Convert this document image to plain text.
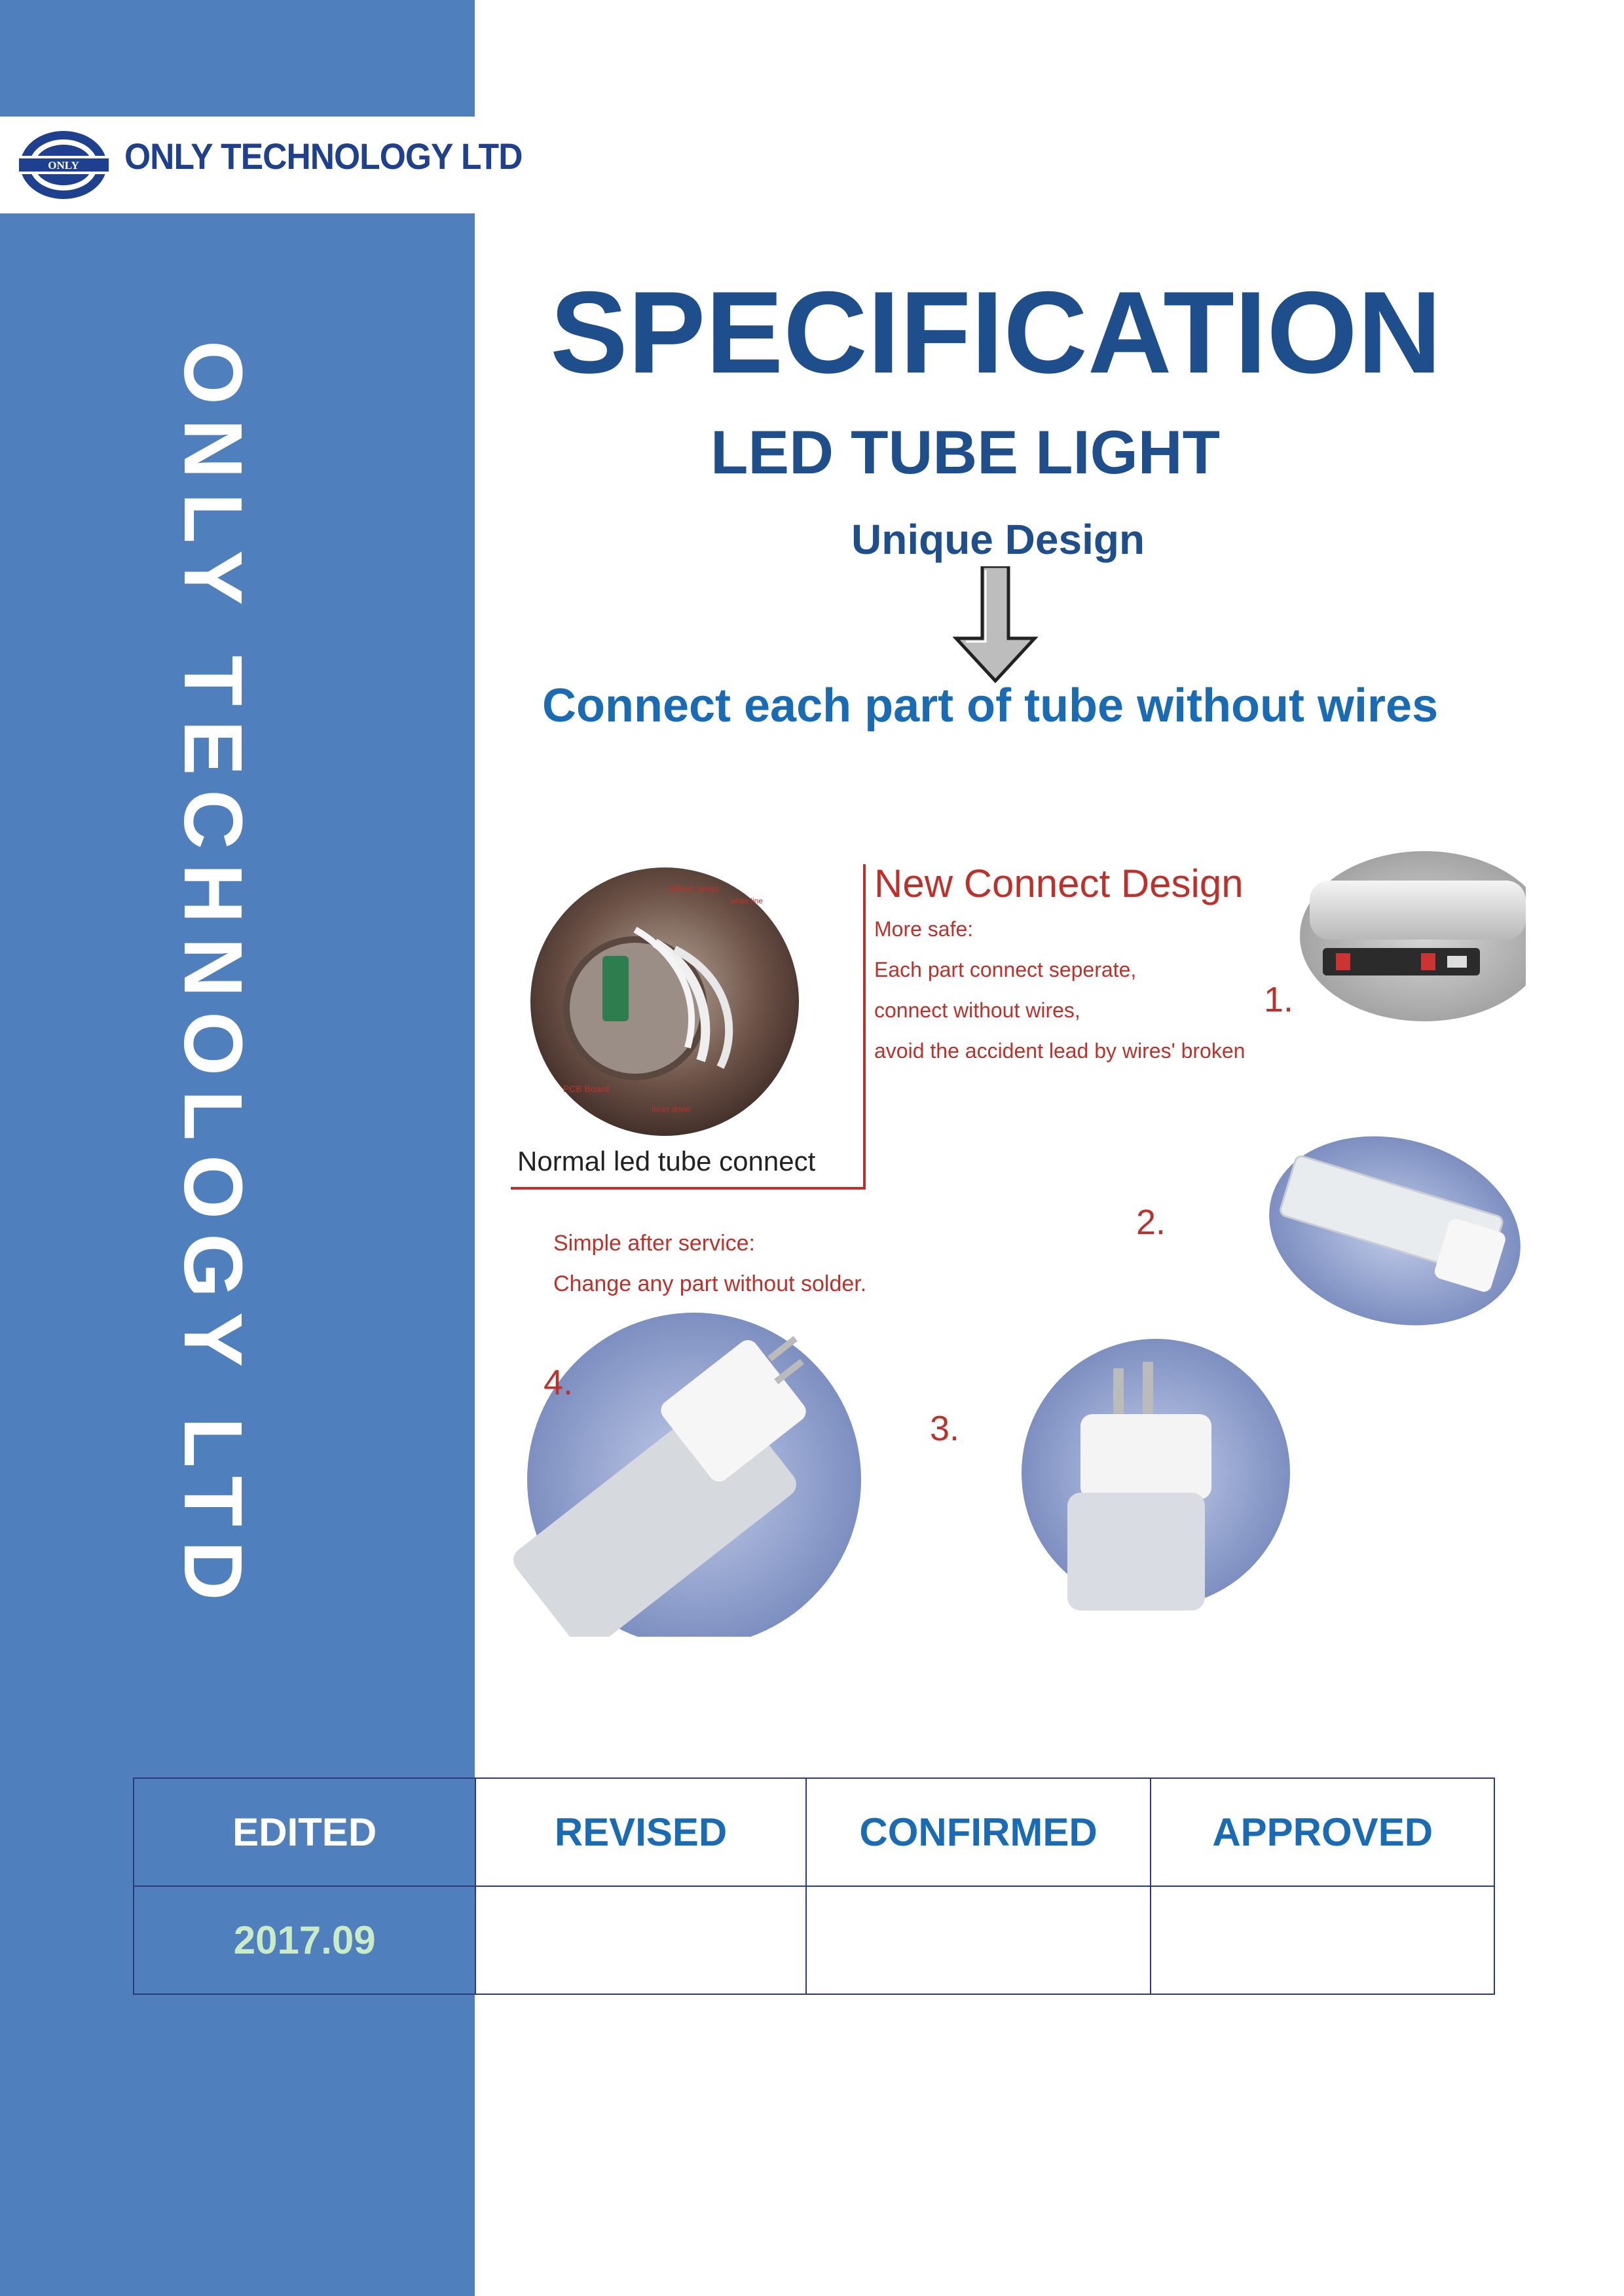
ONLY ONLY TECHNOLOGY LTD
ONLY TECHNOLOGY LTD
SPECIFICATION
LED TUBE LIGHT
Unique Design
Connect each part of tube without wires
Silicon wires
white line
PCB Board
Inner driver
Normal led tube connect
New Connect Design
More safe:
Each part connect seperate,
connect without wires,
avoid the accident lead by wires' broken
1.
2.
Simple after service:
Change any part without solder.
4.
3.
EDITED	REVISED	CONFIRMED	APPROVED
2017.09			
